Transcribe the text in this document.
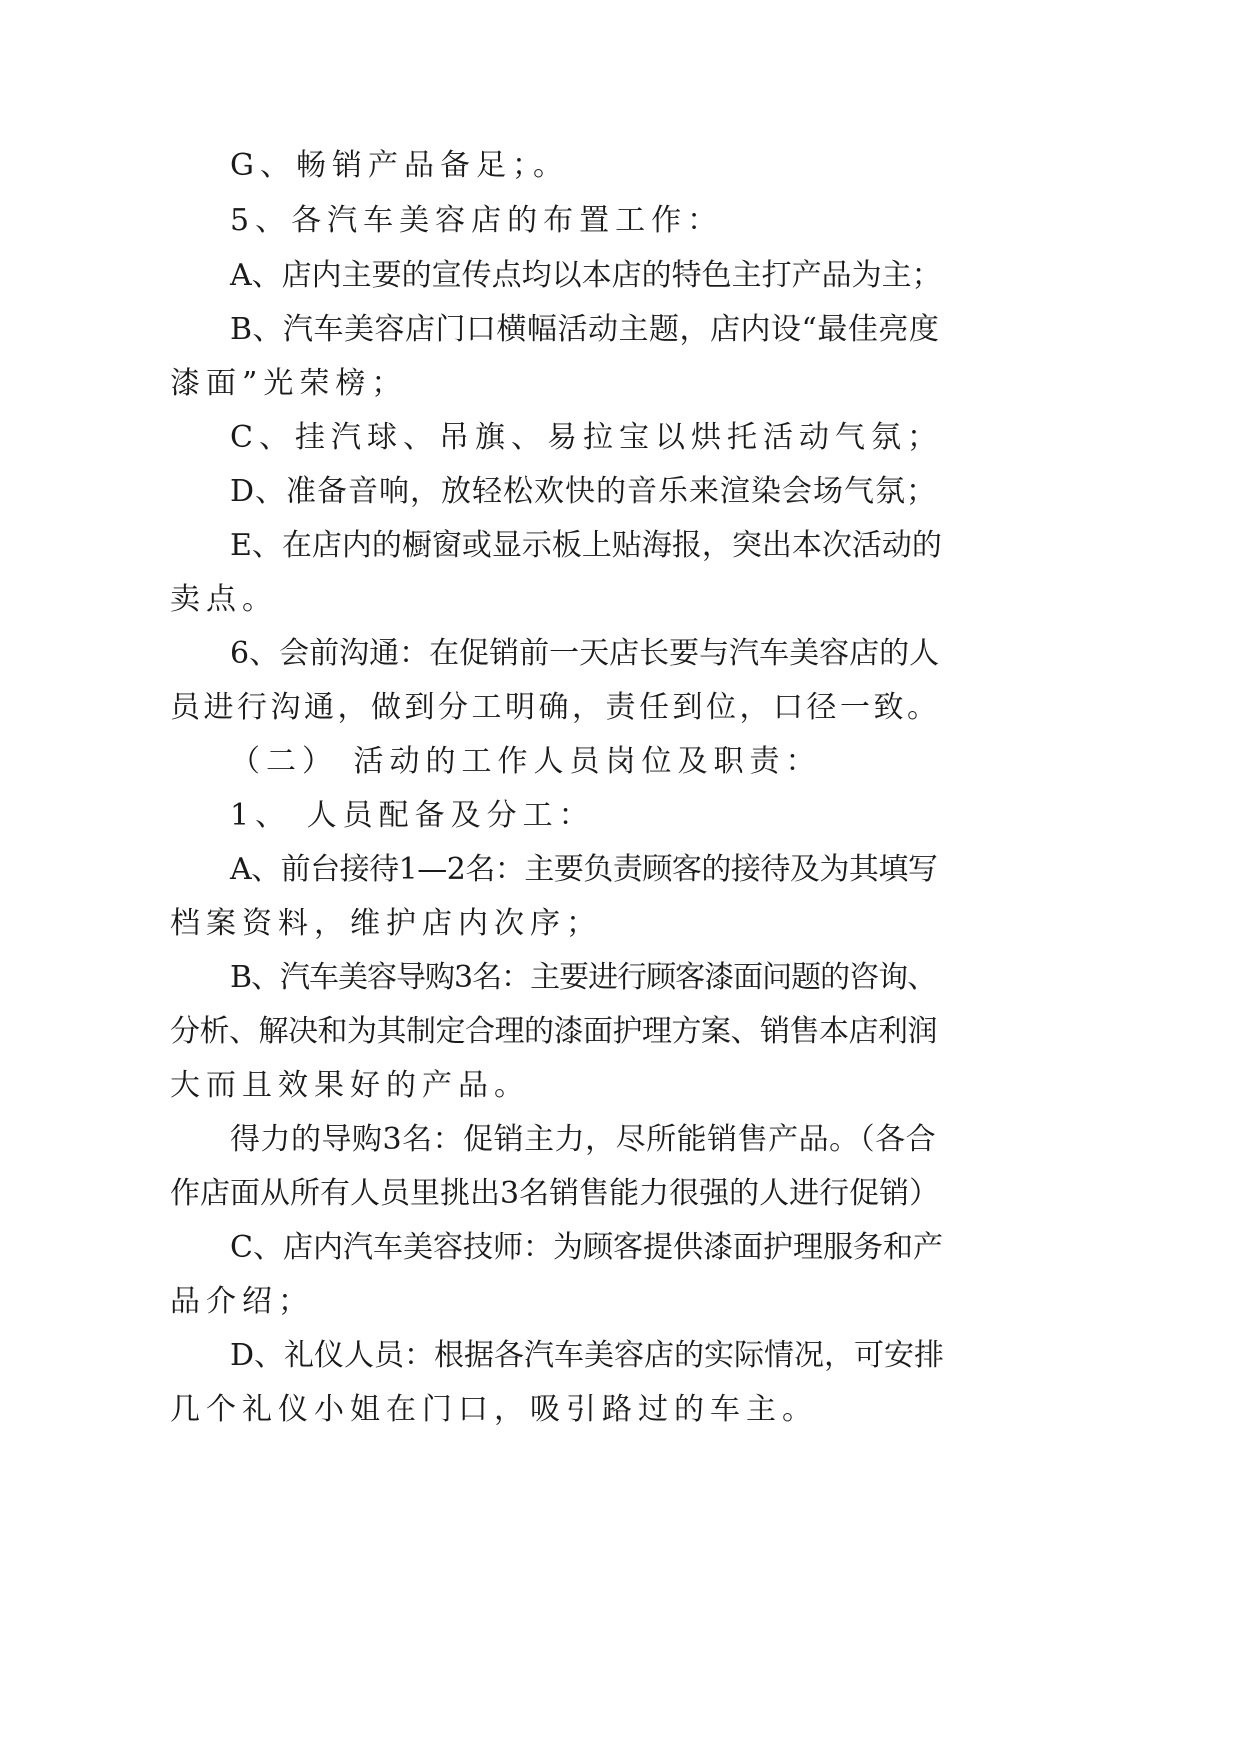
G、畅销产品备足；。
5、各汽车美容店的布置工作：
A、店内主要的宣传点均以本店的特色主打产品为主；
B、汽车美容店门口横幅活动主题，店内设“最佳亮度
漆面”光荣榜；
C、挂汽球、吊旗、易拉宝以烘托活动气氛；
D、准备音响，放轻松欢快的音乐来渲染会场气氛；
E、在店内的橱窗或显示板上贴海报，突出本次活动的
卖点。
6、会前沟通：在促销前一天店长要与汽车美容店的人
员进行沟通，做到分工明确，责任到位，口径一致。
（二） 活动的工作人员岗位及职责：
1、 人员配备及分工：
A、前台接待1—2名：主要负责顾客的接待及为其填写
档案资料，维护店内次序；
B、汽车美容导购3名：主要进行顾客漆面问题的咨询、
分析、解决和为其制定合理的漆面护理方案、销售本店利润
大而且效果好的产品。
得力的导购3名：促销主力，尽所能销售产品。（各合
作店面从所有人员里挑出3名销售能力很强的人进行促销）
C、店内汽车美容技师：为顾客提供漆面护理服务和产
品介绍；
D、礼仪人员：根据各汽车美容店的实际情况，可安排
几个礼仪小姐在门口，吸引路过的车主。
